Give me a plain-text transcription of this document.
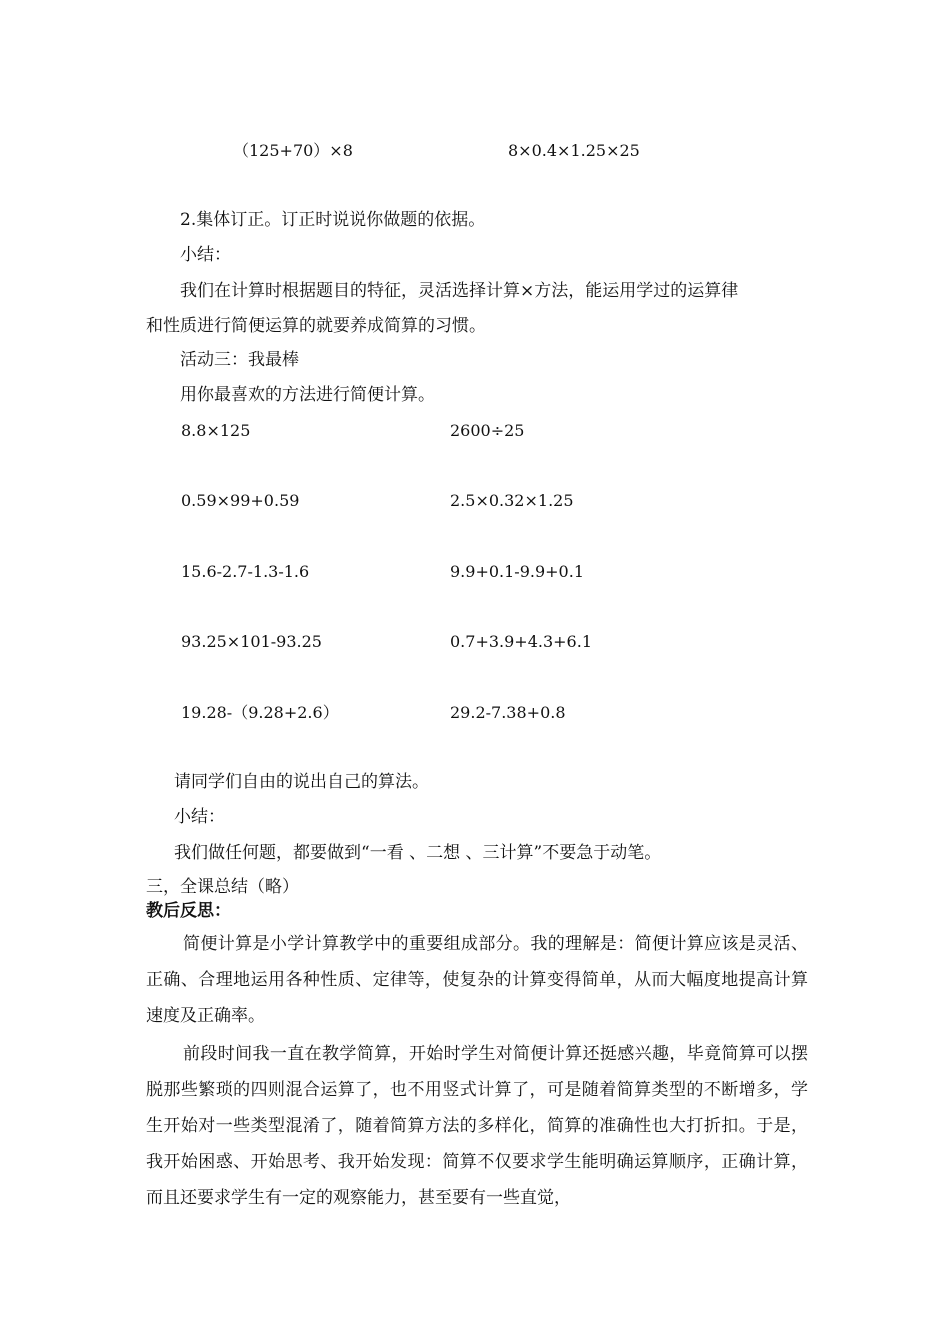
（125+70）×8	8×0.4×1.25×25
2.集体订正。订正时说说你做题的依据。
小结：
我们在计算时根据题目的特征，灵活选择计算×方法，能运用学过的运算律
和性质进行简便运算的就要养成简算的习惯。
活动三：我最棒
用你最喜欢的方法进行简便计算。
8.8×125	2600÷25
0.59×99+0.59	2.5×0.32×1.25
15.6-2.7-1.3-1.6	9.9+0.1-9.9+0.1
93.25×101-93.25	0.7+3.9+4.3+6.1
19.28-（9.28+2.6）	29.2-7.38+0.8
请同学们自由的说出自己的算法。
小结：
我们做任何题，都要做到“一看 、二想 、三计算”不要急于动笔。
三，全课总结（略）
教后反思：

简便计算是小学计算教学中的重要组成部分。我的理解是：简便计算应该是灵活、正确、合理地运用各种性质、定律等，使复杂的计算变得简单，从而大幅度地提高计算速度及正确率。

前段时间我一直在教学简算，开始时学生对简便计算还挺感兴趣，毕竟简算可以摆脱那些繁琐的四则混合运算了，也不用竖式计算了，可是随着简算类型的不断增多，学生开始对一些类型混淆了，随着简算方法的多样化，简算的准确性也大打折扣。于是，我开始困惑、开始思考、我开始发现：简算不仅要求学生能明确运算顺序，正确计算，而且还要求学生有一定的观察能力，甚至要有一些直觉，
